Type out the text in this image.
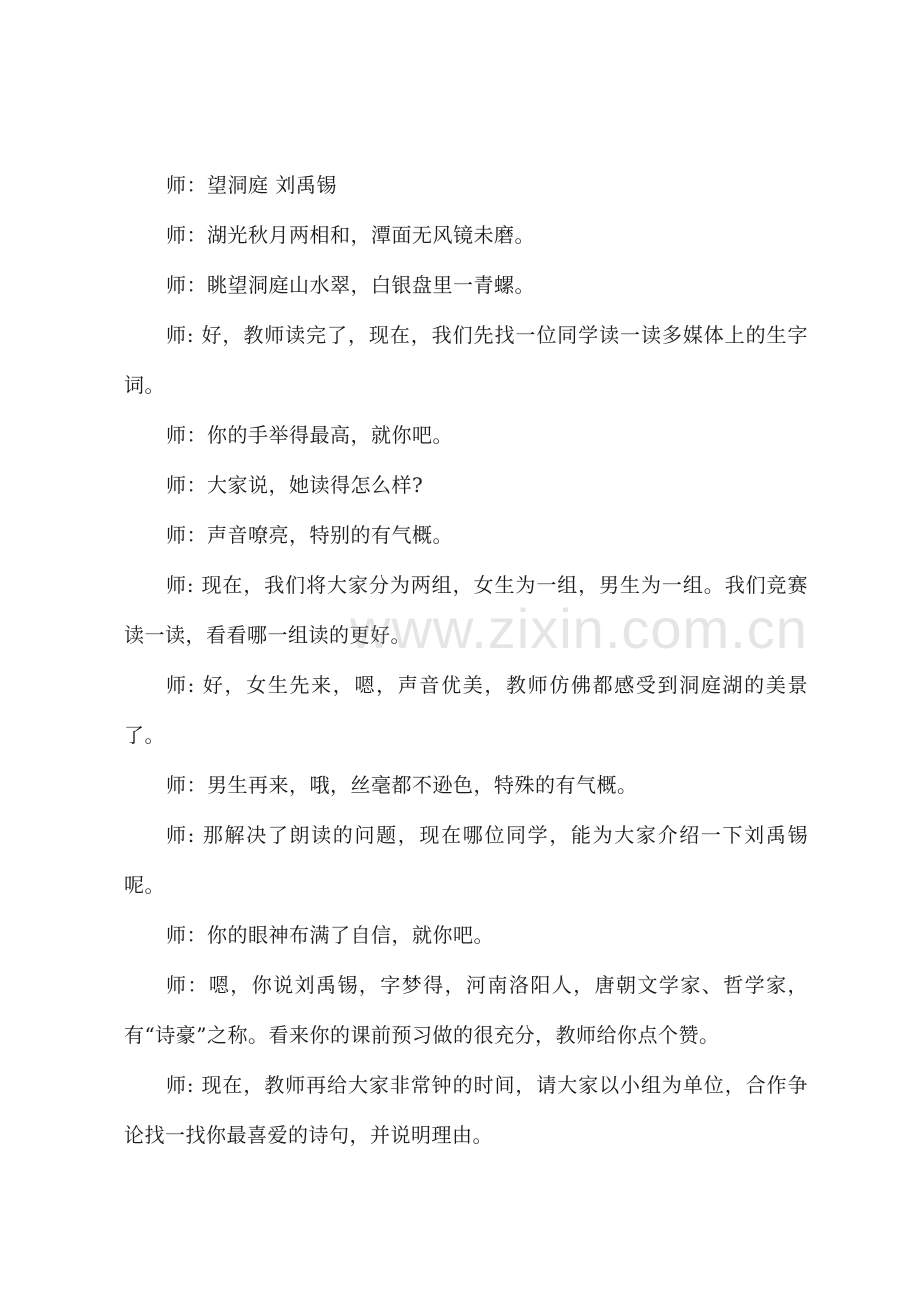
师：望洞庭 刘禹锡

师：湖光秋月两相和，潭面无风镜未磨。

师：眺望洞庭山水翠，白银盘里一青螺。

师: 好，教师读完了，现在，我们先找一位同学读一读多媒体上的生字词。

师：你的手举得最高，就你吧。

师：大家说，她读得怎么样?

师：声音嘹亮，特别的有气概。

师: 现在，我们将大家分为两组，女生为一组，男生为一组。我们竞赛读一读，看看哪一组读的更好。

师: 好，女生先来，嗯，声音优美，教师仿佛都感受到洞庭湖的美景了。

师：男生再来，哦，丝毫都不逊色，特殊的有气概。

师: 那解决了朗读的问题，现在哪位同学，能为大家介绍一下刘禹锡呢。

师：你的眼神布满了自信，就你吧。

师：嗯，你说刘禹锡，字梦得，河南洛阳人，唐朝文学家、哲学家，有“诗豪”之称。看来你的课前预习做的很充分，教师给你点个赞。

师: 现在，教师再给大家非常钟的时间，请大家以小组为单位，合作争论找一找你最喜爱的诗句，并说明理由。

www.zixin.com.cn
